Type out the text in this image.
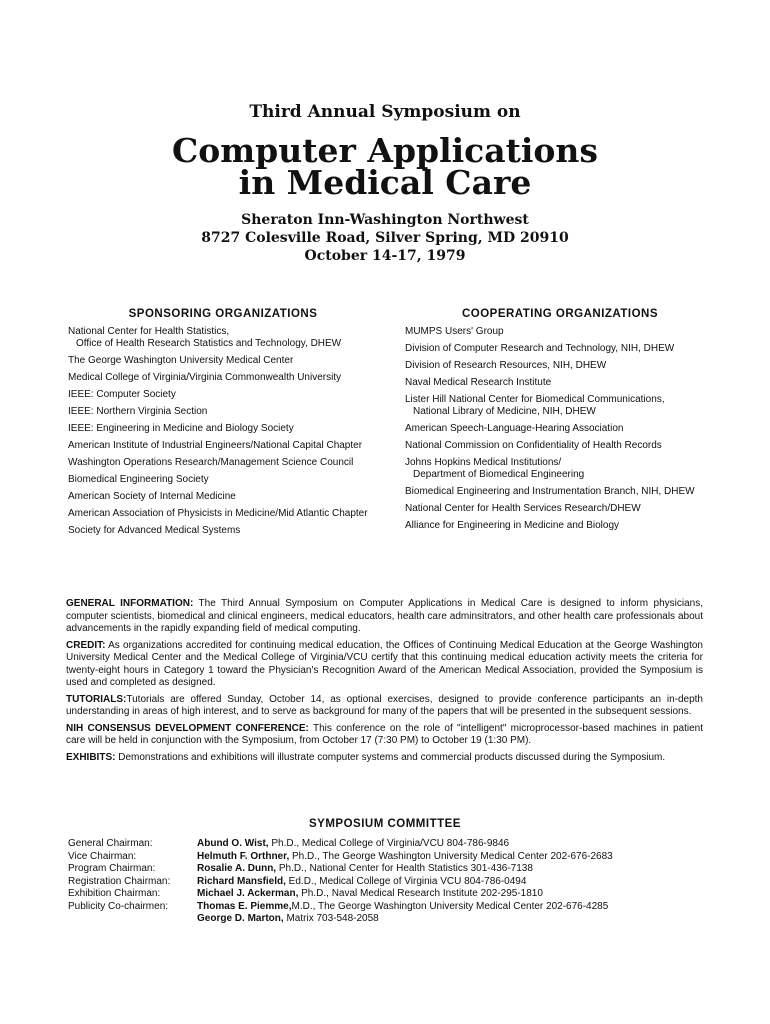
Third Annual Symposium on
Computer Applications
in Medical Care
Sheraton Inn-Washington Northwest
8727 Colesville Road, Silver Spring, MD 20910
October 14-17, 1979
SPONSORING ORGANIZATIONS
National Center for Health Statistics,
Office of Health Research Statistics and Technology, DHEW
The George Washington University Medical Center
Medical College of Virginia/Virginia Commonwealth University
IEEE: Computer Society
IEEE: Northern Virginia Section
IEEE: Engineering in Medicine and Biology Society
American Institute of Industrial Engineers/National Capital Chapter
Washington Operations Research/Management Science Council
Biomedical Engineering Society
American Society of Internal Medicine
American Association of Physicists in Medicine/Mid Atlantic Chapter
Society for Advanced Medical Systems
COOPERATING ORGANIZATIONS
MUMPS Users' Group
Division of Computer Research and Technology, NIH, DHEW
Division of Research Resources, NIH, DHEW
Naval Medical Research Institute
Lister Hill National Center for Biomedical Communications,
National Library of Medicine, NIH, DHEW
American Speech-Language-Hearing Association
National Commission on Confidentiality of Health Records
Johns Hopkins Medical Institutions/
Department of Biomedical Engineering
Biomedical Engineering and Instrumentation Branch, NIH, DHEW
National Center for Health Services Research/DHEW
Alliance for Engineering in Medicine and Biology

GENERAL INFORMATION: The Third Annual Symposium on Computer Applications in Medical Care is designed to inform physicians, computer scientists, biomedical and clinical engineers, medical educators, health care adminsitrators, and other health care professionals about advancements in the rapidly expanding field of medical computing.

CREDIT: As organizations accredited for continuing medical education, the Offices of Continuing Medical Education at the George Washington University Medical Center and the Medical College of Virginia/VCU certify that this continuing medical education activity meets the criteria for twenty-eight hours in Category 1 toward the Physician's Recognition Award of the American Medical Association, provided the Symposium is used and completed as designed.

TUTORIALS:Tutorials are offered Sunday, October 14, as optional exercises, designed to provide conference participants an in-depth understanding in areas of high interest, and to serve as background for many of the papers that will be presented in the subsequent sessions.

NIH CONSENSUS DEVELOPMENT CONFERENCE: This conference on the role of "intelligent" microprocessor-based machines in patient care will be held in conjunction with the Symposium, from October 17 (7:30 PM) to October 19 (1:30 PM).

EXHIBITS: Demonstrations and exhibitions will illustrate computer systems and commercial products discussed during the Symposium.

SYMPOSIUM COMMITTEE
General Chairman:
Vice Chairman:
Program Chairman:
Registration Chairman:
Exhibition Chairman:
Publicity Co-chairmen:
Abund O. Wist, Ph.D., Medical College of Virginia/VCU 804-786-9846
Helmuth F. Orthner, Ph.D., The George Washington University Medical Center 202-676-2683
Rosalie A. Dunn, Ph.D., National Center for Health Statistics 301-436-7138
Richard Mansfield, Ed.D., Medical College of Virginia VCU 804-786-0494
Michael J. Ackerman, Ph.D., Naval Medical Research Institute 202-295-1810
Thomas E. Piemme,M.D., The George Washington University Medical Center 202-676-4285
George D. Marton, Matrix 703-548-2058
